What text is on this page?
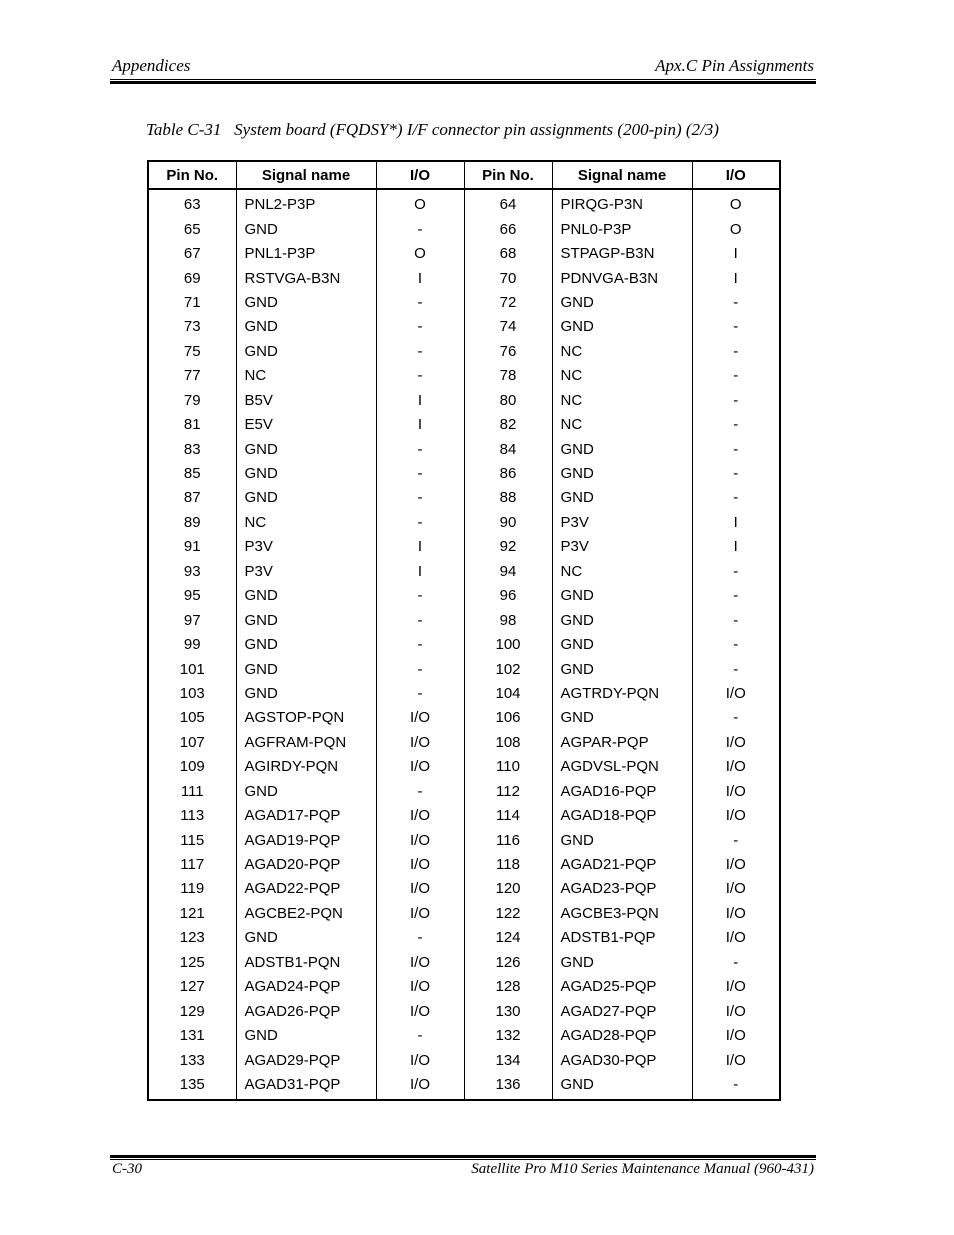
Appendices	Apx.C Pin Assignments
Table C-31   System board (FQDSY*) I/F connector pin assignments (200-pin) (2/3)
Pin No.	Signal name	I/O	Pin No.	Signal name	I/O
63	PNL2-P3P	O	64	PIRQG-P3N	O
65	GND	-	66	PNL0-P3P	O
67	PNL1-P3P	O	68	STPAGP-B3N	I
69	RSTVGA-B3N	I	70	PDNVGA-B3N	I
71	GND	-	72	GND	-
73	GND	-	74	GND	-
75	GND	-	76	NC	-
77	NC	-	78	NC	-
79	B5V	I	80	NC	-
81	E5V	I	82	NC	-
83	GND	-	84	GND	-
85	GND	-	86	GND	-
87	GND	-	88	GND	-
89	NC	-	90	P3V	I
91	P3V	I	92	P3V	I
93	P3V	I	94	NC	-
95	GND	-	96	GND	-
97	GND	-	98	GND	-
99	GND	-	100	GND	-
101	GND	-	102	GND	-
103	GND	-	104	AGTRDY-PQN	I/O
105	AGSTOP-PQN	I/O	106	GND	-
107	AGFRAM-PQN	I/O	108	AGPAR-PQP	I/O
109	AGIRDY-PQN	I/O	110	AGDVSL-PQN	I/O
111	GND	-	112	AGAD16-PQP	I/O
113	AGAD17-PQP	I/O	114	AGAD18-PQP	I/O
115	AGAD19-PQP	I/O	116	GND	-
117	AGAD20-PQP	I/O	118	AGAD21-PQP	I/O
119	AGAD22-PQP	I/O	120	AGAD23-PQP	I/O
121	AGCBE2-PQN	I/O	122	AGCBE3-PQN	I/O
123	GND	-	124	ADSTB1-PQP	I/O
125	ADSTB1-PQN	I/O	126	GND	-
127	AGAD24-PQP	I/O	128	AGAD25-PQP	I/O
129	AGAD26-PQP	I/O	130	AGAD27-PQP	I/O
131	GND	-	132	AGAD28-PQP	I/O
133	AGAD29-PQP	I/O	134	AGAD30-PQP	I/O
135	AGAD31-PQP	I/O	136	GND	-
C-30	Satellite Pro M10 Series Maintenance Manual (960-431)
